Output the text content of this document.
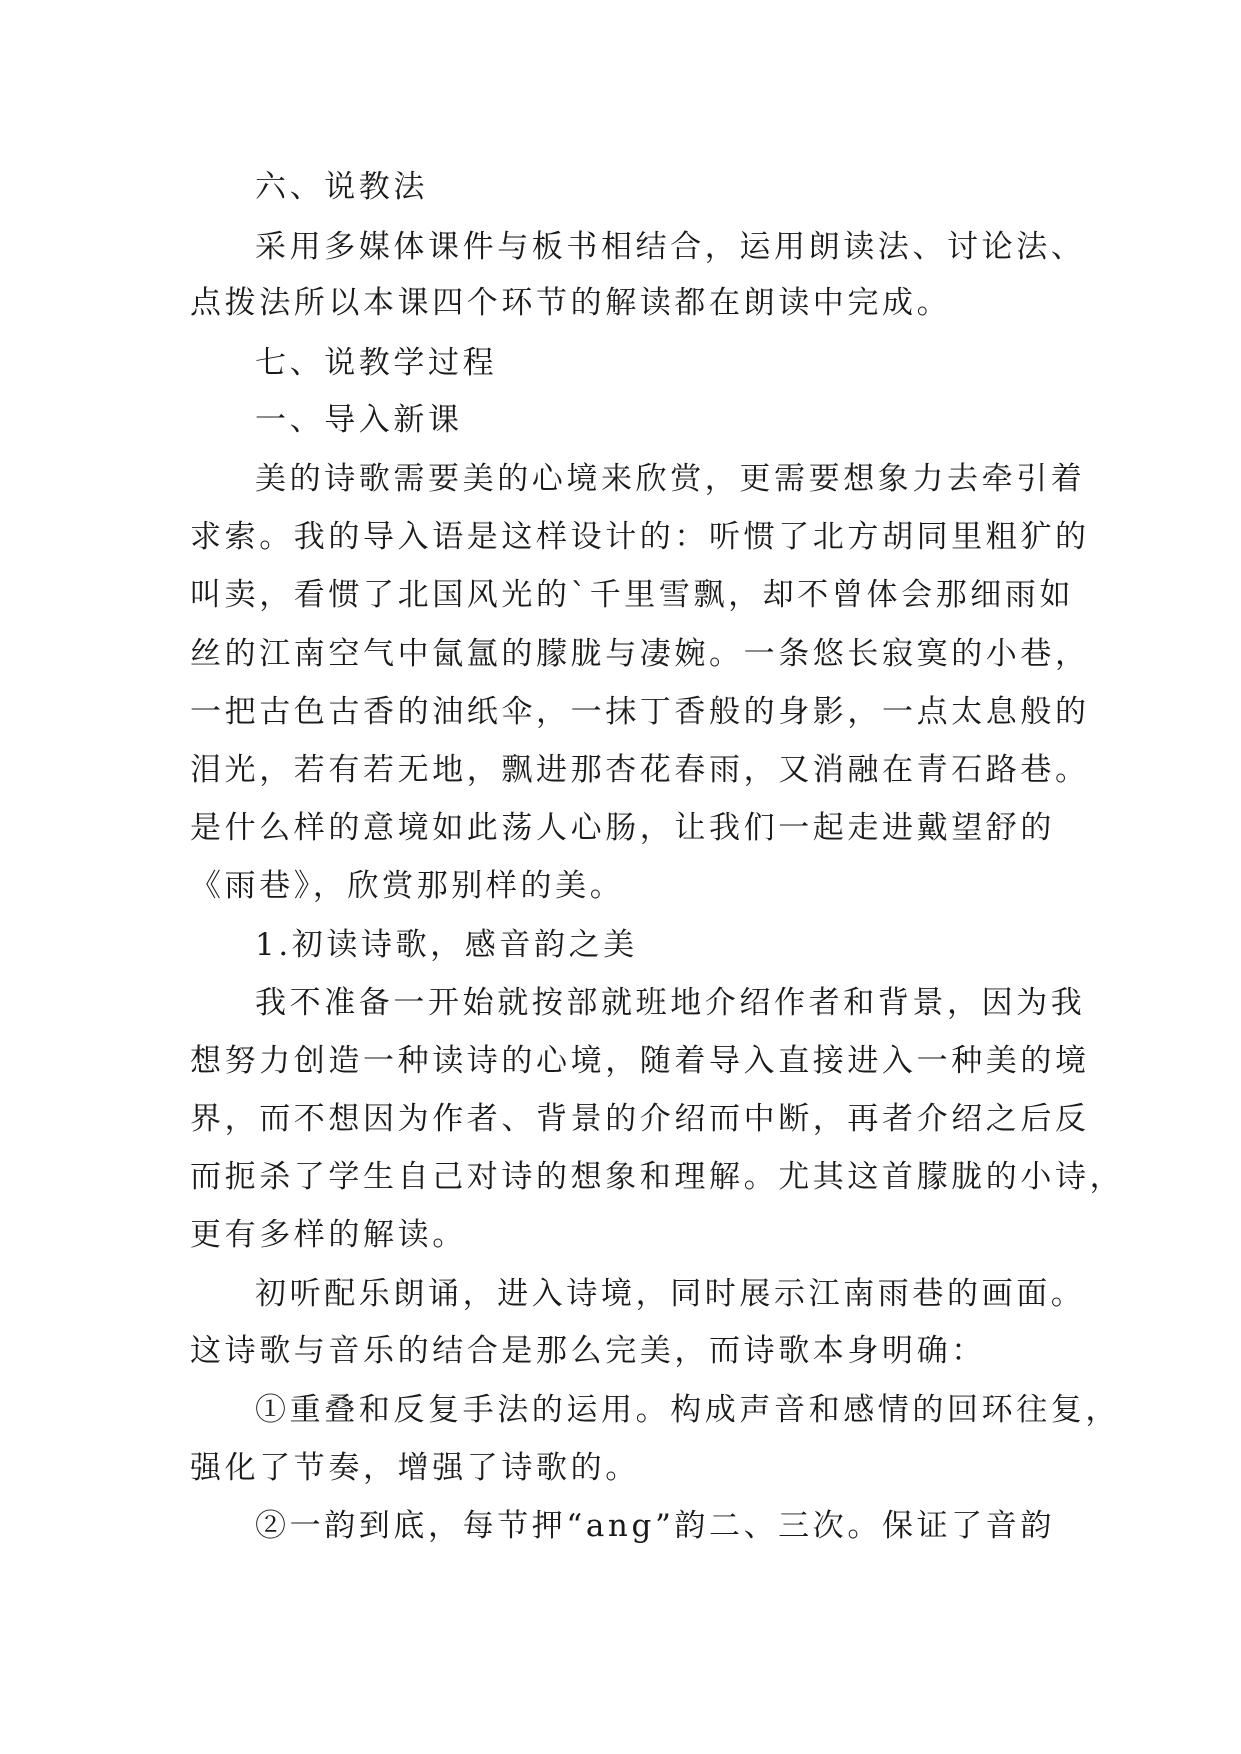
六、说教法
采用多媒体课件与板书相结合，运用朗读法、讨论法、
点拨法所以本课四个环节的解读都在朗读中完成。
七、说教学过程
一、导入新课
美的诗歌需要美的心境来欣赏，更需要想象力去牵引着
求索。我的导入语是这样设计的：听惯了北方胡同里粗犷的
叫卖，看惯了北国风光的`千里雪飘，却不曾体会那细雨如
丝的江南空气中氤氲的朦胧与凄婉。一条悠长寂寞的小巷，
一把古色古香的油纸伞，一抹丁香般的身影，一点太息般的
泪光，若有若无地，飘进那杏花春雨，又消融在青石路巷。
是什么样的意境如此荡人心肠，让我们一起走进戴望舒的
《雨巷》，欣赏那别样的美。
1.初读诗歌，感音韵之美
我不准备一开始就按部就班地介绍作者和背景，因为我
想努力创造一种读诗的心境，随着导入直接进入一种美的境
界，而不想因为作者、背景的介绍而中断，再者介绍之后反
而扼杀了学生自己对诗的想象和理解。尤其这首朦胧的小诗，
更有多样的解读。
初听配乐朗诵，进入诗境，同时展示江南雨巷的画面。
这诗歌与音乐的结合是那么完美，而诗歌本身明确：
①重叠和反复手法的运用。构成声音和感情的回环往复，
强化了节奏，增强了诗歌的。
②一韵到底，每节押“ang”韵二、三次。保证了音韵
